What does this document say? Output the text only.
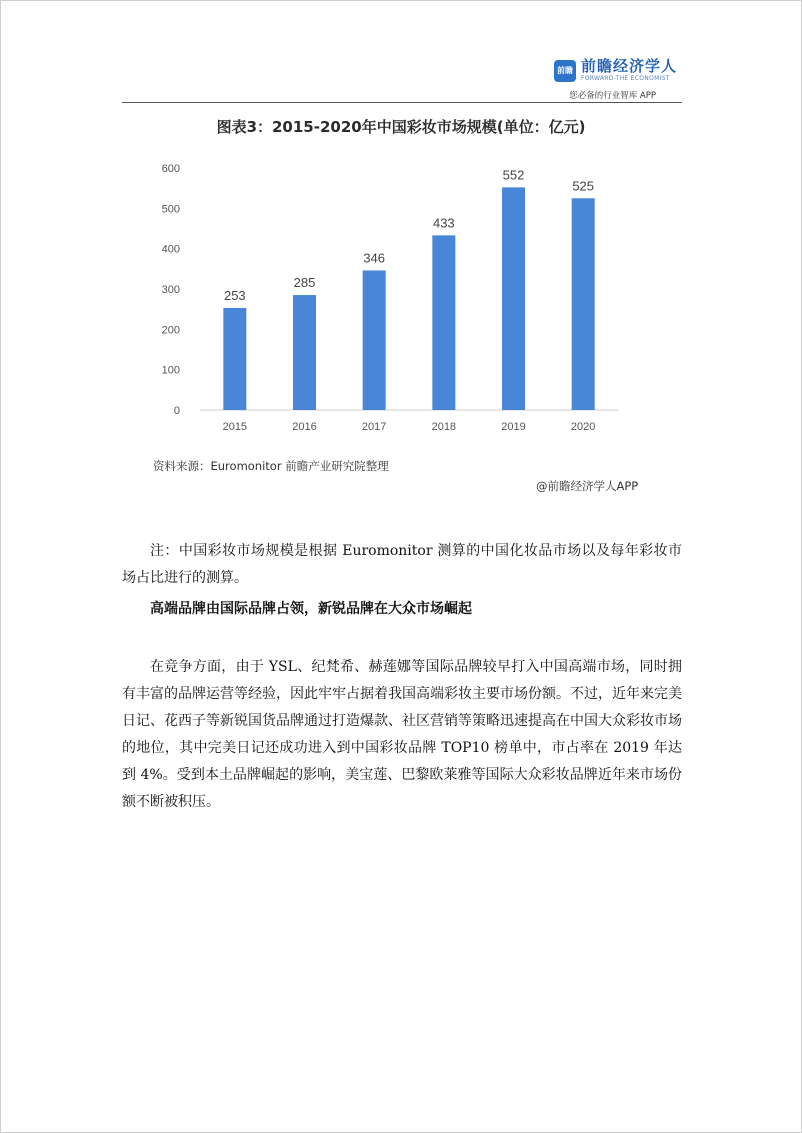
前瞻 前瞻经济学人
FORWARD-THE ECONOMIST
您必备的行业智库 APP
图表3：2015-2020年中国彩妆市场规模(单位：亿元)
0
100
200
300
400
500
600
253
2015
285
2016
346
2017
433
2018
552
2019
525
2020
资料来源：Euromonitor 前瞻产业研究院整理
@前瞻经济学人APP

注：中国彩妆市场规模是根据 Euromonitor 测算的中国化妆品市场以及每年彩妆市场占比进行的测算。

高端品牌由国际品牌占领，新锐品牌在大众市场崛起

在竞争方面，由于 YSL、纪梵希、赫莲娜等国际品牌较早打入中国高端市场，同时拥有丰富的品牌运营等经验，因此牢牢占据着我国高端彩妆主要市场份额。不过，近年来完美日记、花西子等新锐国货品牌通过打造爆款、社区营销等策略迅速提高在中国大众彩妆市场的地位，其中完美日记还成功进入到中国彩妆品牌 TOP10 榜单中，市占率在 2019 年达到 4%。受到本土品牌崛起的影响，美宝莲、巴黎欧莱雅等国际大众彩妆品牌近年来市场份额不断被积压。
